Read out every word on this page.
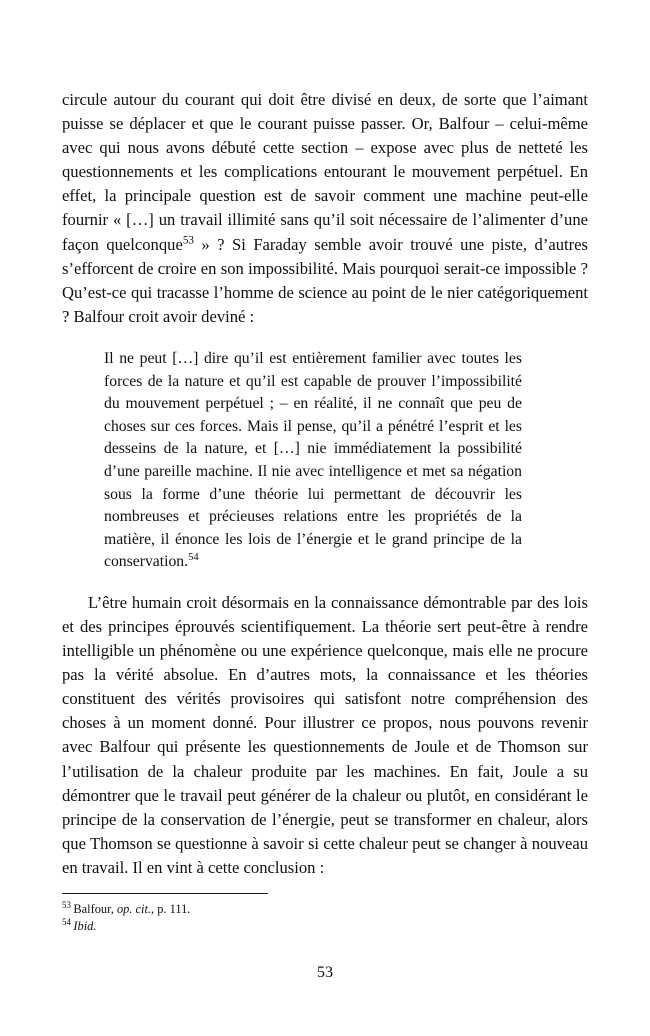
circule autour du courant qui doit être divisé en deux, de sorte que l’aimant puisse se déplacer et que le courant puisse passer. Or, Balfour – celui-même avec qui nous avons débuté cette section – expose avec plus de netteté les questionnements et les complications entourant le mouvement perpétuel. En effet, la principale question est de savoir comment une machine peut-elle fournir « […] un travail illimité sans qu’il soit nécessaire de l’alimenter d’une façon quelconque$^{53}$ » ? Si Faraday semble avoir trouvé une piste, d’autres s’efforcent de croire en son impossibilité. Mais pourquoi serait-ce impossible ? Qu’est-ce qui tracasse l’homme de science au point de le nier catégoriquement ? Balfour croit avoir deviné :

Il ne peut […] dire qu’il est entièrement familier avec toutes les forces de la nature et qu’il est capable de prouver l’impossibilité du mouvement perpétuel ; – en réalité, il ne connaît que peu de choses sur ces forces. Mais il pense, qu’il a pénétré l’esprit et les desseins de la nature, et […] nie immédiatement la possibilité d’une pareille machine. Il nie avec intelligence et met sa négation sous la forme d’une théorie lui permettant de découvrir les nombreuses et précieuses relations entre les propriétés de la matière, il énonce les lois de l’énergie et le grand principe de la conservation.$^{54}$

L’être humain croit désormais en la connaissance démontrable par des lois et des principes éprouvés scientifiquement. La théorie sert peut-être à rendre intelligible un phénomène ou une expérience quelconque, mais elle ne procure pas la vérité absolue. En d’autres mots, la connaissance et les théories constituent des vérités provisoires qui satisfont notre compréhension des choses à un moment donné. Pour illustrer ce propos, nous pouvons revenir avec Balfour qui présente les questionnements de Joule et de Thomson sur l’utilisation de la chaleur produite par les machines. En fait, Joule a su démontrer que le travail peut générer de la chaleur ou plutôt, en considérant le principe de la conservation de l’énergie, peut se transformer en chaleur, alors que Thomson se questionne à savoir si cette chaleur peut se changer à nouveau en travail. Il en vint à cette conclusion :

$^{53}$ Balfour, op. cit., p. 111.

$^{54}$ Ibid.

53
